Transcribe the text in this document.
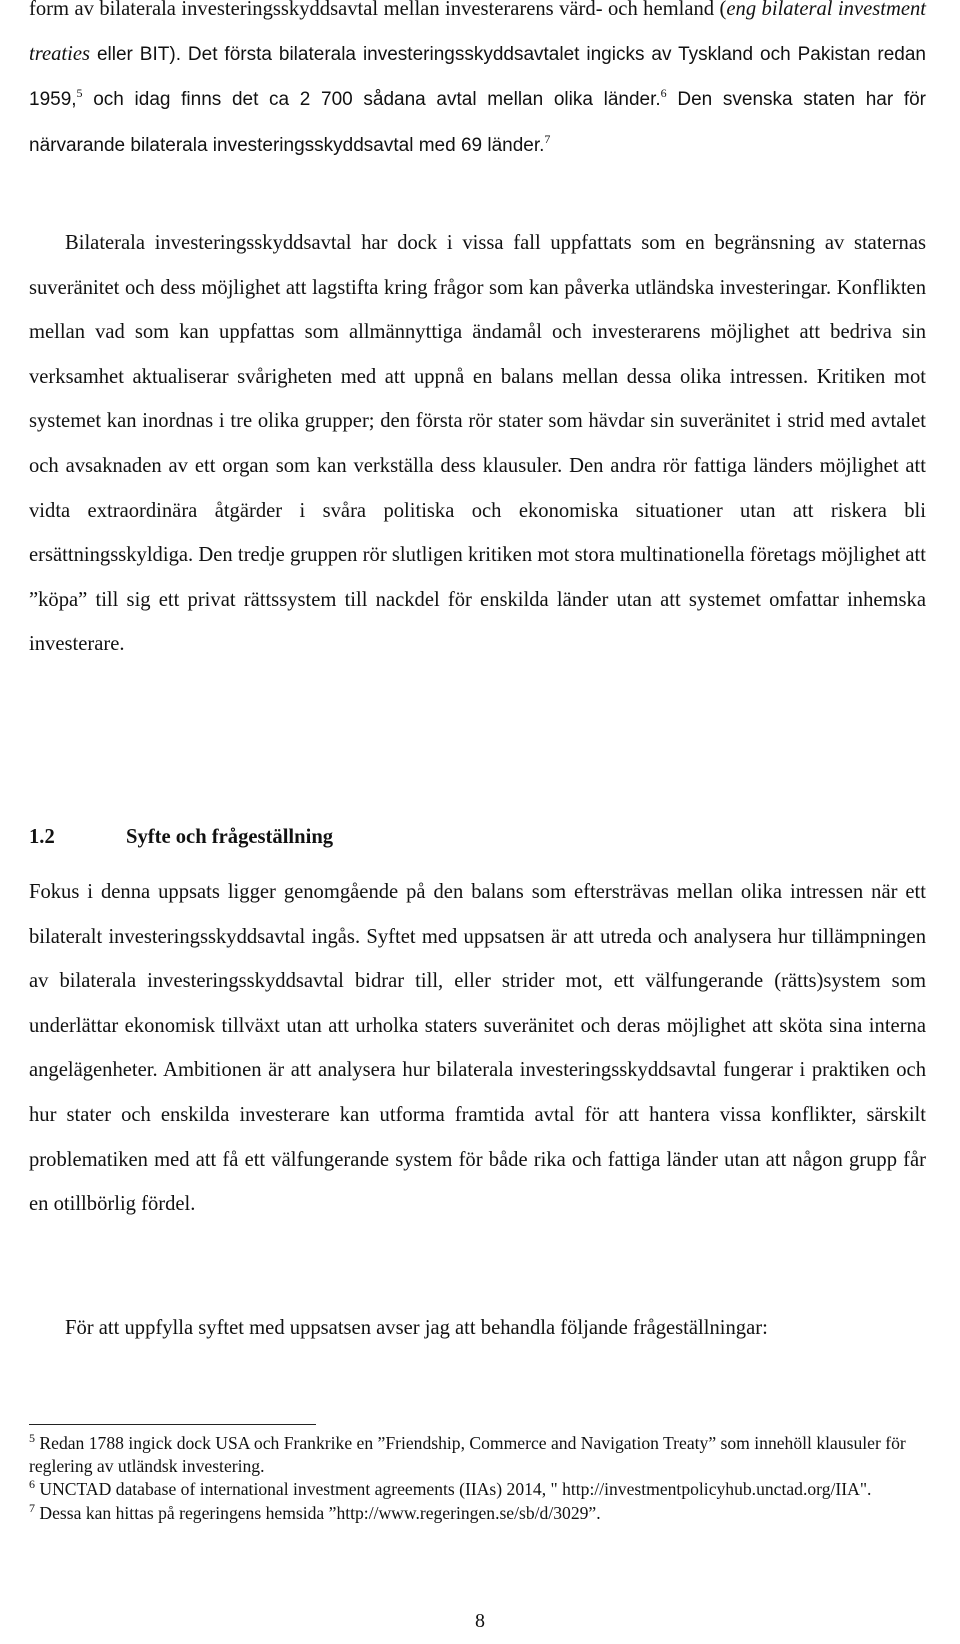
form av bilaterala investeringsskyddsavtal mellan investerarens värd- och hemland (eng bilateral investment treaties eller BIT). Det första bilaterala investeringsskyddsavtalet ingicks av Tyskland och Pakistan redan 1959,$^5$ och idag finns det ca 2 700 sådana avtal mellan olika länder.$^6$ Den svenska staten har för närvarande bilaterala investeringsskyddsavtal med 69 länder.$^7$

Bilaterala investeringsskyddsavtal har dock i vissa fall uppfattats som en begränsning av staternas suveränitet och dess möjlighet att lagstifta kring frågor som kan påverka utländska investeringar. Konflikten mellan vad som kan uppfattas som allmännyttiga ändamål och investerarens möjlighet att bedriva sin verksamhet aktualiserar svårigheten med att uppnå en balans mellan dessa olika intressen. Kritiken mot systemet kan inordnas i tre olika grupper; den första rör stater som hävdar sin suveränitet i strid med avtalet och avsaknaden av ett organ som kan verkställa dess klausuler. Den andra rör fattiga länders möjlighet att vidta extraordinära åtgärder i svåra politiska och ekonomiska situationer utan att riskera bli ersättningsskyldiga. Den tredje gruppen rör slutligen kritiken mot stora multinationella företags möjlighet att ”köpa” till sig ett privat rättssystem till nackdel för enskilda länder utan att systemet omfattar inhemska investerare.

1.2	Syfte och frågeställning

Fokus i denna uppsats ligger genomgående på den balans som eftersträvas mellan olika intressen när ett bilateralt investeringsskyddsavtal ingås. Syftet med uppsatsen är att utreda och analysera hur tillämpningen av bilaterala investeringsskyddsavtal bidrar till, eller strider mot, ett välfungerande (rätts)system som underlättar ekonomisk tillväxt utan att urholka staters suveränitet och deras möjlighet att sköta sina interna angelägenheter. Ambitionen är att analysera hur bilaterala investeringsskyddsavtal fungerar i praktiken och hur stater och enskilda investerare kan utforma framtida avtal för att hantera vissa konflikter, särskilt problematiken med att få ett välfungerande system för både rika och fattiga länder utan att någon grupp får en otillbörlig fördel.

För att uppfylla syftet med uppsatsen avser jag att behandla följande frågeställningar:

$^5$ Redan 1788 ingick dock USA och Frankrike en ”Friendship, Commerce and Navigation Treaty” som innehöll klausuler för reglering av utländsk investering.

$^6$ UNCTAD database of international investment agreements (IIAs) 2014, " http://investmentpolicyhub.unctad.org/IIA".

$^7$ Dessa kan hittas på regeringens hemsida ”http://www.regeringen.se/sb/d/3029”.

8
